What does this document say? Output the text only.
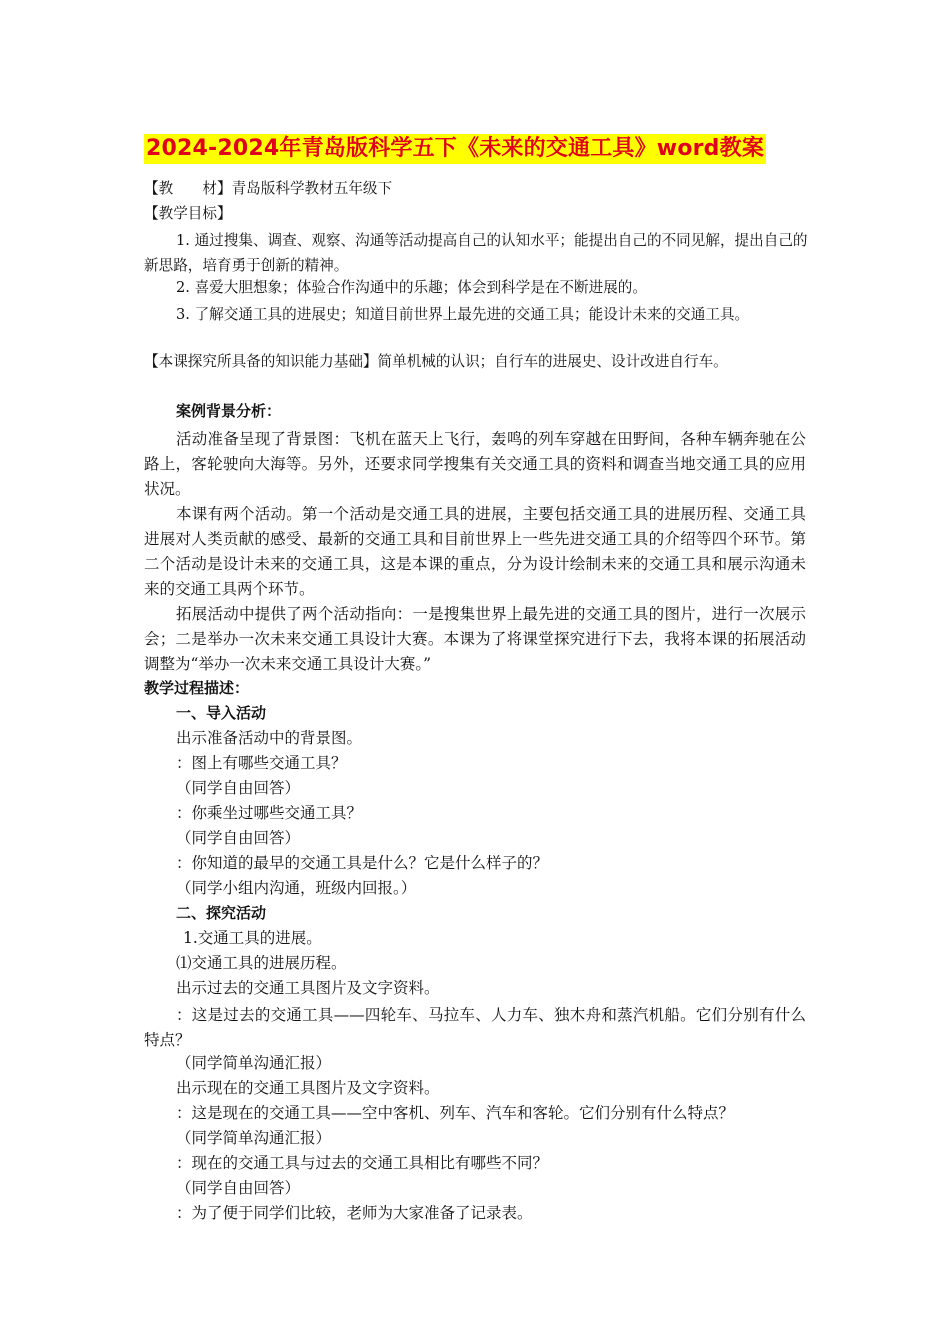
2024-2024年青岛版科学五下《未来的交通工具》word教案
【教　　材】青岛版科学教材五年级下
【教学目标】
1. 通过搜集、调查、观察、沟通等活动提高自己的认知水平；能提出自己的不同见解，提出自己的新思路，培育勇于创新的精神。
2. 喜爱大胆想象；体验合作沟通中的乐趣；体会到科学是在不断进展的。
3. 了解交通工具的进展史；知道目前世界上最先进的交通工具；能设计未来的交通工具。
【本课探究所具备的知识能力基础】简单机械的认识；自行车的进展史、设计改进自行车。
案例背景分析：
活动准备呈现了背景图：飞机在蓝天上飞行，轰鸣的列车穿越在田野间，各种车辆奔驰在公路上，客轮驶向大海等。另外，还要求同学搜集有关交通工具的资料和调查当地交通工具的应用状况。
本课有两个活动。第一个活动是交通工具的进展，主要包括交通工具的进展历程、交通工具进展对人类贡献的感受、最新的交通工具和目前世界上一些先进交通工具的介绍等四个环节。第二个活动是设计未来的交通工具，这是本课的重点，分为设计绘制未来的交通工具和展示沟通未来的交通工具两个环节。
拓展活动中提供了两个活动指向：一是搜集世界上最先进的交通工具的图片，进行一次展示会；二是举办一次未来交通工具设计大赛。本课为了将课堂探究进行下去，我将本课的拓展活动调整为“举办一次未来交通工具设计大赛。”
教学过程描述：
一、导入活动
出示准备活动中的背景图。
：图上有哪些交通工具？
（同学自由回答）
：你乘坐过哪些交通工具？
（同学自由回答）
：你知道的最早的交通工具是什么？它是什么样子的？
（同学小组内沟通，班级内回报。）
二、探究活动
1.交通工具的进展。
⑴交通工具的进展历程。
出示过去的交通工具图片及文字资料。
：这是过去的交通工具——四轮车、马拉车、人力车、独木舟和蒸汽机船。它们分别有什么特点？
（同学简单沟通汇报）
出示现在的交通工具图片及文字资料。
：这是现在的交通工具——空中客机、列车、汽车和客轮。它们分别有什么特点？
（同学简单沟通汇报）
：现在的交通工具与过去的交通工具相比有哪些不同？
（同学自由回答）
：为了便于同学们比较，老师为大家准备了记录表。
